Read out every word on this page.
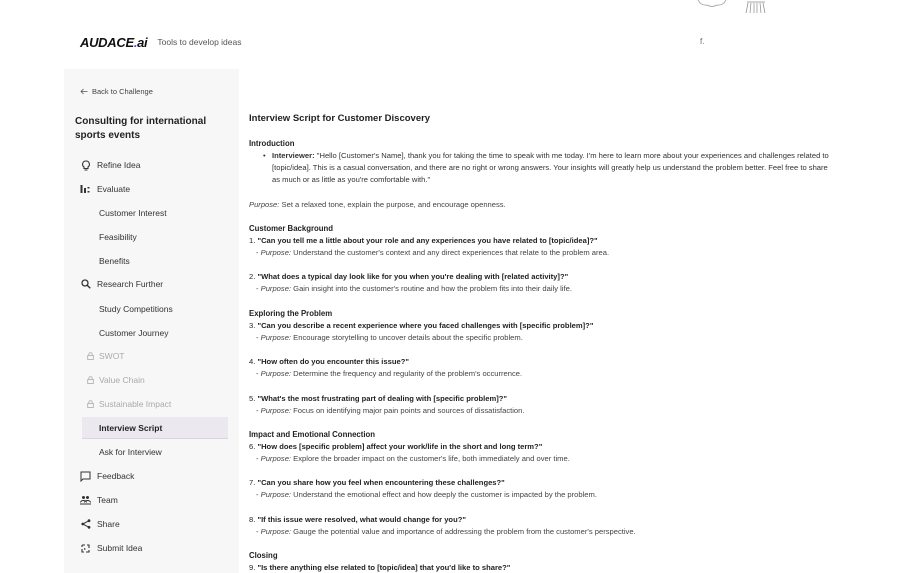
AUDACE.ai Tools to develop ideas	f.
Back to Challenge
Consulting for international sports events
Refine Idea
Evaluate
Customer Interest
Feasibility
Benefits
Research Further
Study Competitions
Customer Journey
SWOT
Value Chain
Sustainable Impact
Interview Script
Ask for Interview
Feedback
Team
Share
Submit Idea
Interview Script for Customer Discovery
Introduction
• Interviewer: "Hello [Customer's Name], thank you for taking the time to speak with me today. I'm here to learn more about your experiences and challenges related to [topic/idea]. This is a casual conversation, and there are no right or wrong answers. Your insights will greatly help us understand the problem better. Feel free to share as much or as little as you're comfortable with."
Purpose: Set a relaxed tone, explain the purpose, and encourage openness.
Customer Background
1. "Can you tell me a little about your role and any experiences you have related to [topic/idea]?"
- Purpose: Understand the customer's context and any direct experiences that relate to the problem area.
2. "What does a typical day look like for you when you're dealing with [related activity]?"
- Purpose: Gain insight into the customer's routine and how the problem fits into their daily life.
Exploring the Problem
3. "Can you describe a recent experience where you faced challenges with [specific problem]?"
- Purpose: Encourage storytelling to uncover details about the specific problem.
4. "How often do you encounter this issue?"
- Purpose: Determine the frequency and regularity of the problem's occurrence.
5. "What's the most frustrating part of dealing with [specific problem]?"
- Purpose: Focus on identifying major pain points and sources of dissatisfaction.
Impact and Emotional Connection
6. "How does [specific problem] affect your work/life in the short and long term?"
- Purpose: Explore the broader impact on the customer's life, both immediately and over time.
7. "Can you share how you feel when encountering these challenges?"
- Purpose: Understand the emotional effect and how deeply the customer is impacted by the problem.
8. "If this issue were resolved, what would change for you?"
- Purpose: Gauge the potential value and importance of addressing the problem from the customer's perspective.
Closing
9. "Is there anything else related to [topic/idea] that you'd like to share?"
